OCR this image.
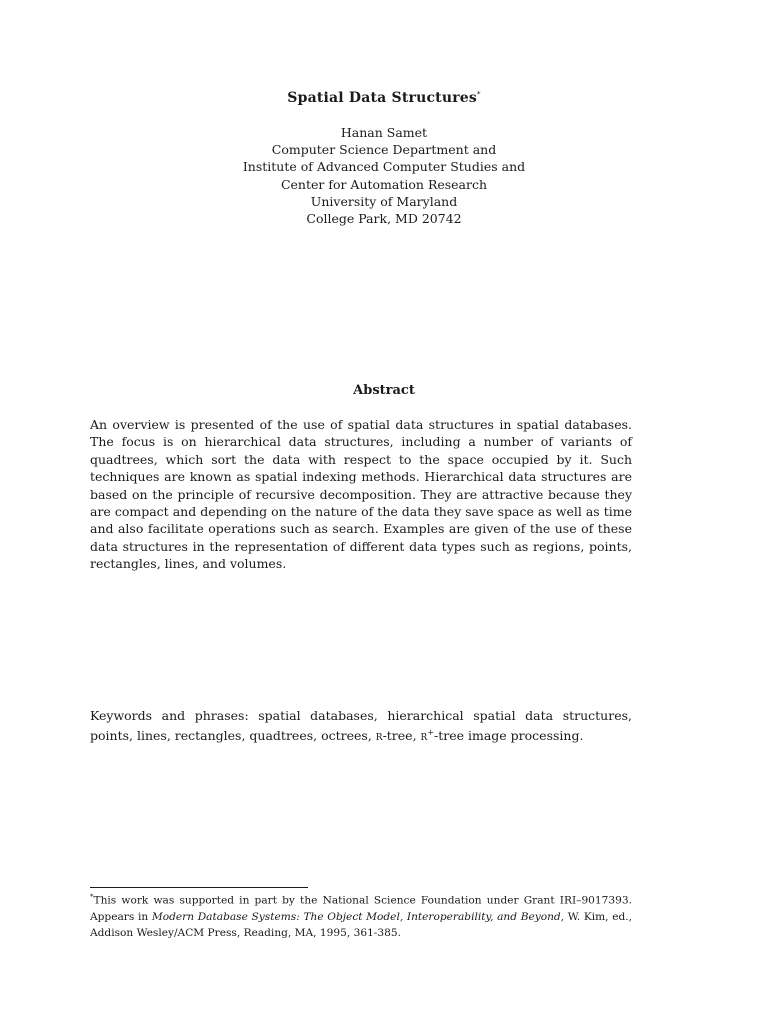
Spatial Data Structures*
Hanan Samet
Computer Science Department and
Institute of Advanced Computer Studies and
Center for Automation Research
University of Maryland
College Park, MD 20742
Abstract
An overview is presented of the use of spatial data structures in spatial databases. The focus is on hierarchical data structures, including a number of variants of quadtrees, which sort the data with respect to the space occupied by it. Such techniques are known as spatial indexing methods. Hierarchical data structures are based on the principle of recursive decomposition. They are attractive because they are compact and depending on the nature of the data they save space as well as time and also facilitate operations such as search. Examples are given of the use of these data structures in the representation of different data types such as regions, points, rectangles, lines, and volumes.
Keywords and phrases: spatial databases, hierarchical spatial data structures, points, lines, rectangles, quadtrees, octrees, r-tree, r+-tree image processing.
*This work was supported in part by the National Science Foundation under Grant IRI–9017393. Appears in Modern Database Systems: The Object Model, Interoperability, and Beyond, W. Kim, ed., Addison Wesley/ACM Press, Reading, MA, 1995, 361-385.
